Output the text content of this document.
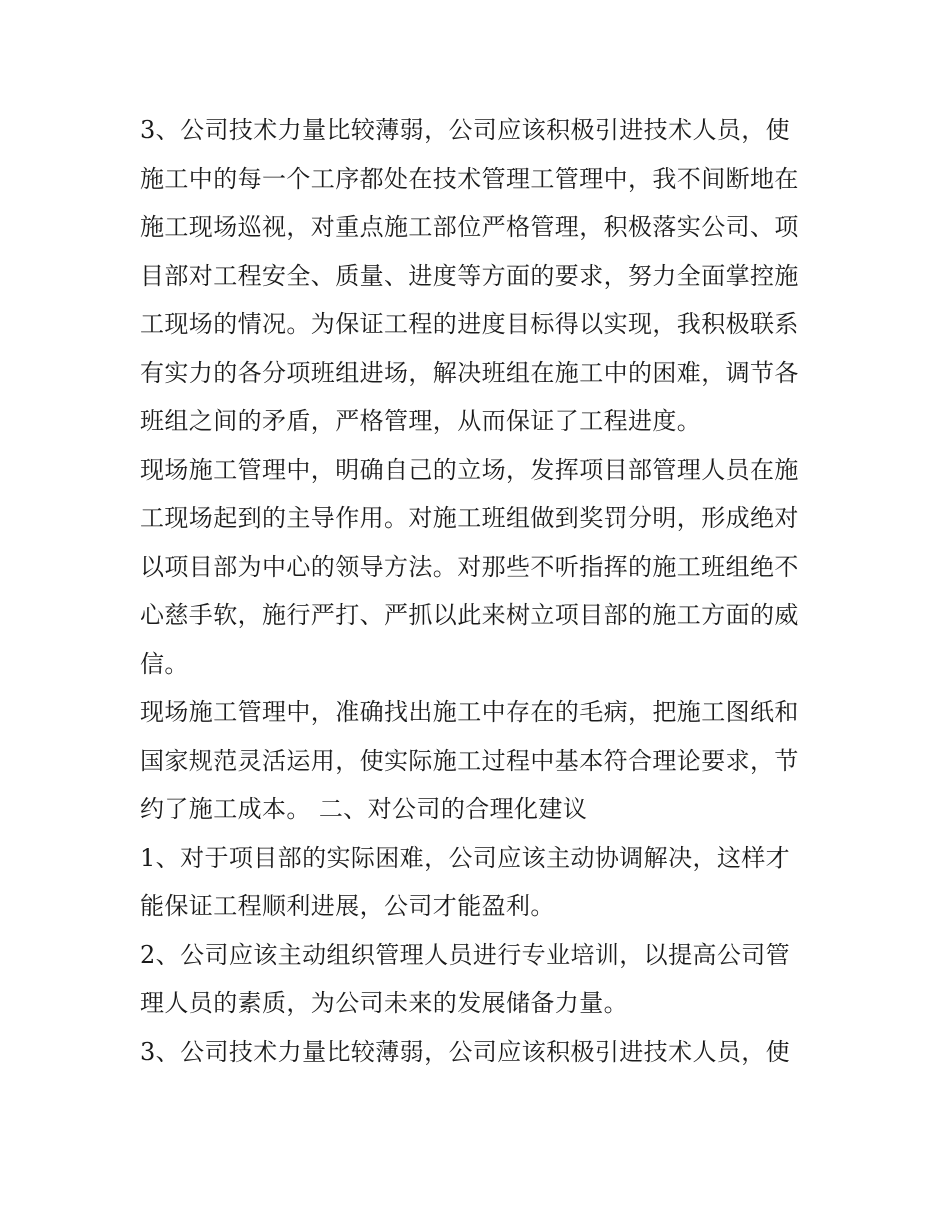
3、公司技术力量比较薄弱，公司应该积极引进技术人员，使
施工中的每一个工序都处在技术管理工管理中，我不间断地在
施工现场巡视，对重点施工部位严格管理，积极落实公司、项
目部对工程安全、质量、进度等方面的要求，努力全面掌控施
工现场的情况。为保证工程的进度目标得以实现，我积极联系
有实力的各分项班组进场，解决班组在施工中的困难，调节各
班组之间的矛盾，严格管理，从而保证了工程进度。
现场施工管理中，明确自己的立场，发挥项目部管理人员在施
工现场起到的主导作用。对施工班组做到奖罚分明，形成绝对
以项目部为中心的领导方法。对那些不听指挥的施工班组绝不
心慈手软，施行严打、严抓以此来树立项目部的施工方面的威
信。
现场施工管理中，准确找出施工中存在的毛病，把施工图纸和
国家规范灵活运用，使实际施工过程中基本符合理论要求，节
约了施工成本。 二、对公司的合理化建议
1、对于项目部的实际困难，公司应该主动协调解决，这样才
能保证工程顺利进展，公司才能盈利。
2、公司应该主动组织管理人员进行专业培训，以提高公司管
理人员的素质，为公司未来的发展储备力量。
3、公司技术力量比较薄弱，公司应该积极引进技术人员，使
